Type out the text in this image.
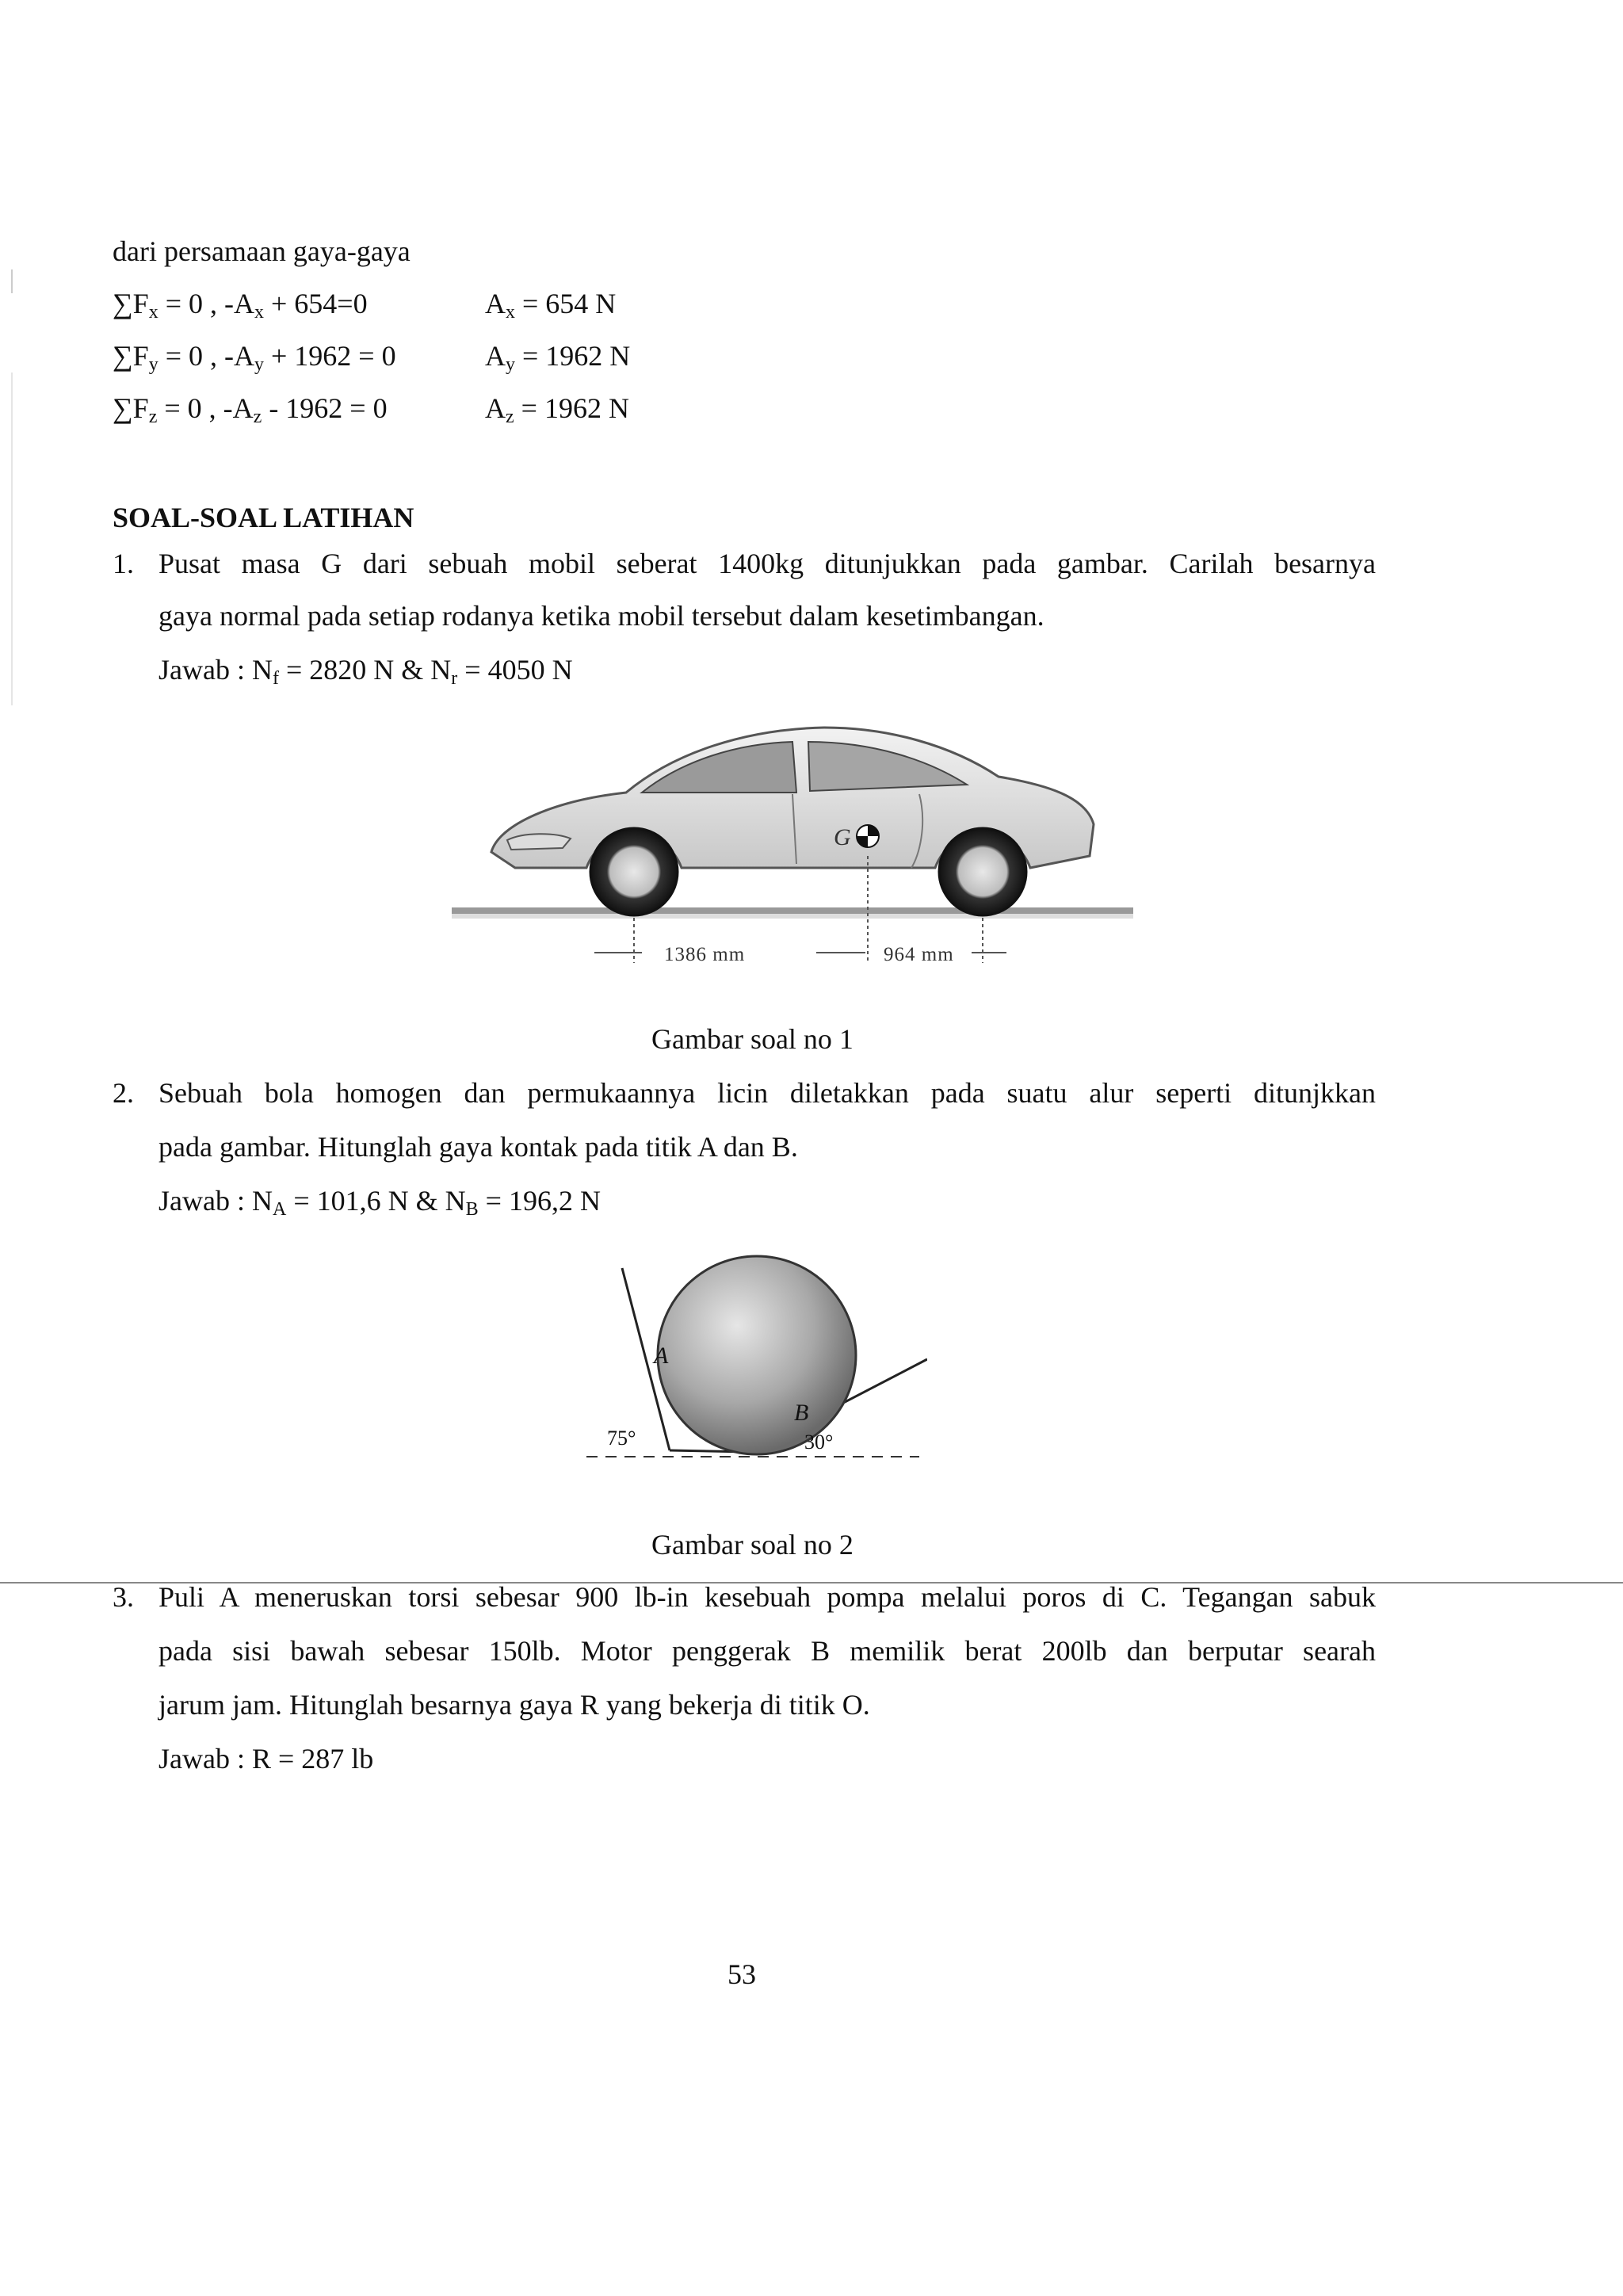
dari persamaan gaya-gaya
$\sum F_x = 0$ , $-A_x + 654=0$	$A_x = 654$ N
$\sum F_y = 0$ , $-A_y + 1962 = 0$	$A_y = 1962$ N
$\sum F_z = 0$ , $-A_z - 1962 = 0$	$A_z = 1962$ N
SOAL-SOAL LATIHAN
1. Pusat masa G dari sebuah mobil seberat 1400kg ditunjukkan pada gambar. Carilah besarnya
gaya normal pada setiap rodanya ketika mobil tersebut dalam kesetimbangan.
Jawab : $N_f = 2820$ N & $N_r = 4050$ N
G
1386 mm	964 mm
Gambar soal no 1
2. Sebuah bola homogen dan permukaannya licin diletakkan pada suatu alur seperti ditunjkkan
pada gambar. Hitunglah gaya kontak pada titik A dan B.
Jawab : $N_A = 101,6$ N & $N_B = 196,2$ N
A
B
75°	30°
Gambar soal no 2
3. Puli A meneruskan torsi sebesar 900 lb-in kesebuah pompa melalui poros di C. Tegangan sabuk
pada sisi bawah sebesar 150lb. Motor penggerak B memilik berat 200lb dan berputar searah
jarum jam. Hitunglah besarnya gaya R yang bekerja di titik O.
Jawab : R = 287 lb
53
